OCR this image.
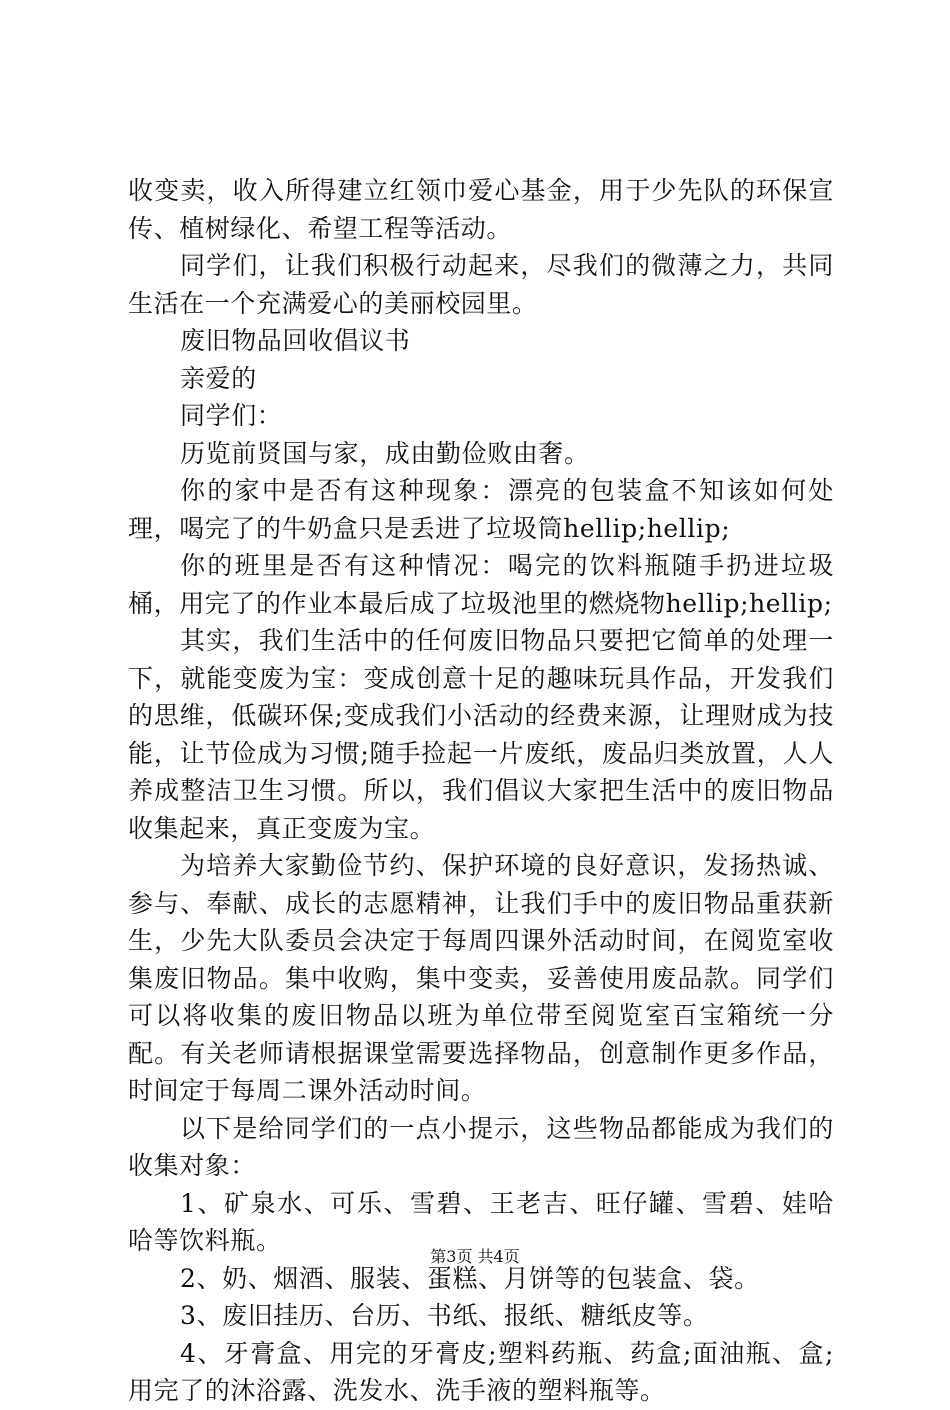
收变卖，收入所得建立红领巾爱心基金，用于少先队的环保宣传、植树绿化、希望工程等活动。

同学们，让我们积极行动起来，尽我们的微薄之力，共同生活在一个充满爱心的美丽校园里。

废旧物品回收倡议书

亲爱的

同学们：

历览前贤国与家，成由勤俭败由奢。

你的家中是否有这种现象：漂亮的包装盒不知该如何处理，喝完了的牛奶盒只是丢进了垃圾筒hellip;hellip;

你的班里是否有这种情况：喝完的饮料瓶随手扔进垃圾桶，用完了的作业本最后成了垃圾池里的燃烧物hellip;hellip;

其实，我们生活中的任何废旧物品只要把它简单的处理一下，就能变废为宝：变成创意十足的趣味玩具作品，开发我们的思维，低碳环保;变成我们小活动的经费来源，让理财成为技能，让节俭成为习惯;随手捡起一片废纸，废品归类放置，人人养成整洁卫生习惯。所以，我们倡议大家把生活中的废旧物品收集起来，真正变废为宝。

为培养大家勤俭节约、保护环境的良好意识，发扬热诚、参与、奉献、成长的志愿精神，让我们手中的废旧物品重获新生，少先大队委员会决定于每周四课外活动时间，在阅览室收集废旧物品。集中收购，集中变卖，妥善使用废品款。同学们可以将收集的废旧物品以班为单位带至阅览室百宝箱统一分配。有关老师请根据课堂需要选择物品，创意制作更多作品，时间定于每周二课外活动时间。

以下是给同学们的一点小提示，这些物品都能成为我们的收集对象：

1、矿泉水、可乐、雪碧、王老吉、旺仔罐、雪碧、娃哈哈等饮料瓶。

2、奶、烟酒、服装、蛋糕、月饼等的包装盒、袋。

3、废旧挂历、台历、书纸、报纸、糖纸皮等。

4、牙膏盒、用完的牙膏皮;塑料药瓶、药盒;面油瓶、盒;用完了的沐浴露、洗发水、洗手液的塑料瓶等。

第3页 共4页
